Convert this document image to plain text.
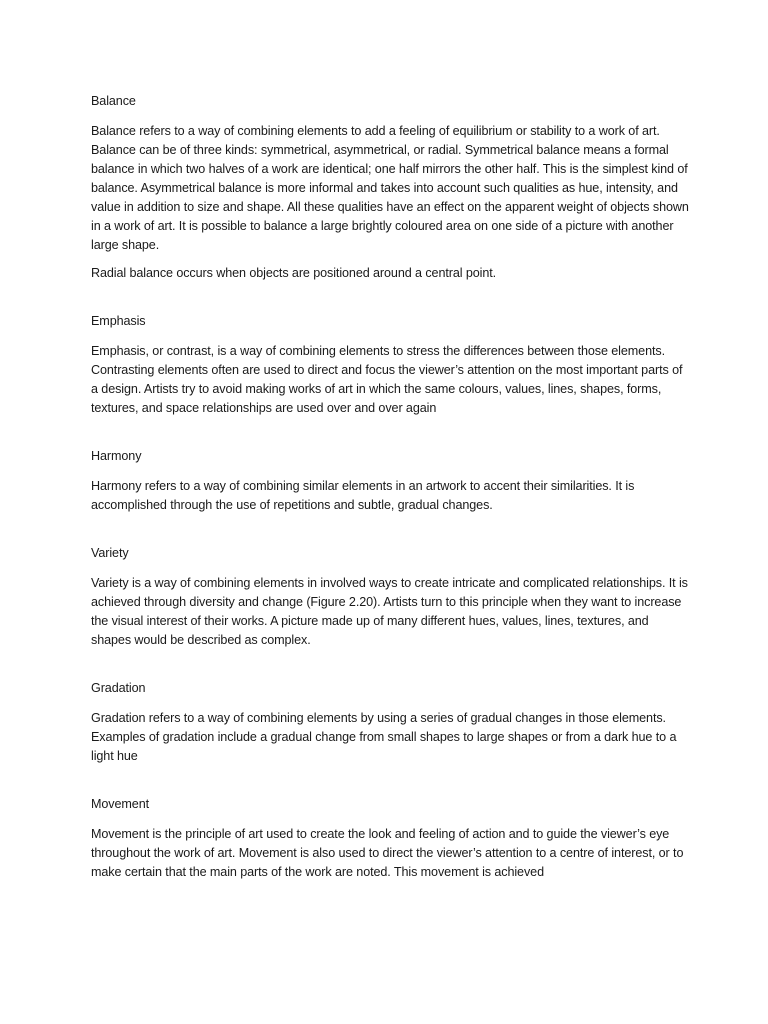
Balance

Balance refers to a way of combining elements to add a feeling of equilibrium or stability to a work of art. Balance can be of three kinds: symmetrical, asymmetrical, or radial. Symmetrical balance means a formal balance in which two halves of a work are identical; one half mirrors the other half. This is the simplest kind of balance. Asymmetrical balance is more informal and takes into account such qualities as hue, intensity, and value in addition to size and shape. All these qualities have an effect on the apparent weight of objects shown in a work of art. It is possible to balance a large brightly coloured area on one side of a picture with another large shape.

Radial balance occurs when objects are positioned around a central point.

Emphasis

Emphasis, or contrast, is a way of combining elements to stress the differences between those elements. Contrasting elements often are used to direct and focus the viewer’s attention on the most important parts of a design. Artists try to avoid making works of art in which the same colours, values, lines, shapes, forms, textures, and space relationships are used over and over again

Harmony

Harmony refers to a way of combining similar elements in an artwork to accent their similarities. It is accomplished through the use of repetitions and subtle, gradual changes.

Variety

Variety is a way of combining elements in involved ways to create intricate and complicated relationships. It is achieved through diversity and change (Figure 2.20). Artists turn to this principle when they want to increase the visual interest of their works. A picture made up of many different hues, values, lines, textures, and shapes would be described as complex.

Gradation

Gradation refers to a way of combining elements by using a series of gradual changes in those elements. Examples of gradation include a gradual change from small shapes to large shapes or from a dark hue to a light hue

Movement

Movement is the principle of art used to create the look and feeling of action and to guide the viewer’s eye throughout the work of art. Movement is also used to direct the viewer’s attention to a centre of interest, or to make certain that the main parts of the work are noted. This movement is achieved
